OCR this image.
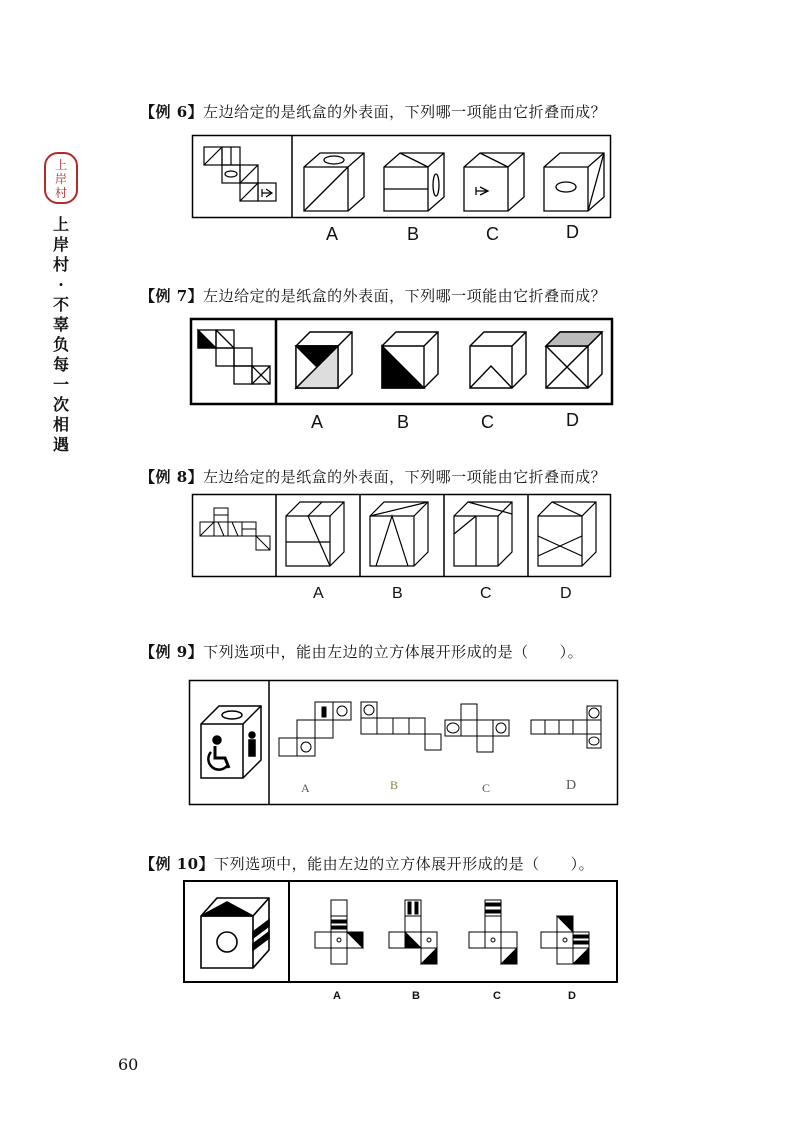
上岸村
上岸村·不辜负每一次相遇
【例 6】左边给定的是纸盒的外表面，下列哪一项能由它折叠而成？
A	B	C	D
【例 7】左边给定的是纸盒的外表面，下列哪一项能由它折叠而成？
A	B	C	D
【例 8】左边给定的是纸盒的外表面，下列哪一项能由它折叠而成？
A	B	C	D
【例 9】下列选项中，能由左边的立方体展开形成的是（　　）。
A	B	C	D
【例 10】下列选项中，能由左边的立方体展开形成的是（　　）。
A	B	C	D
60
